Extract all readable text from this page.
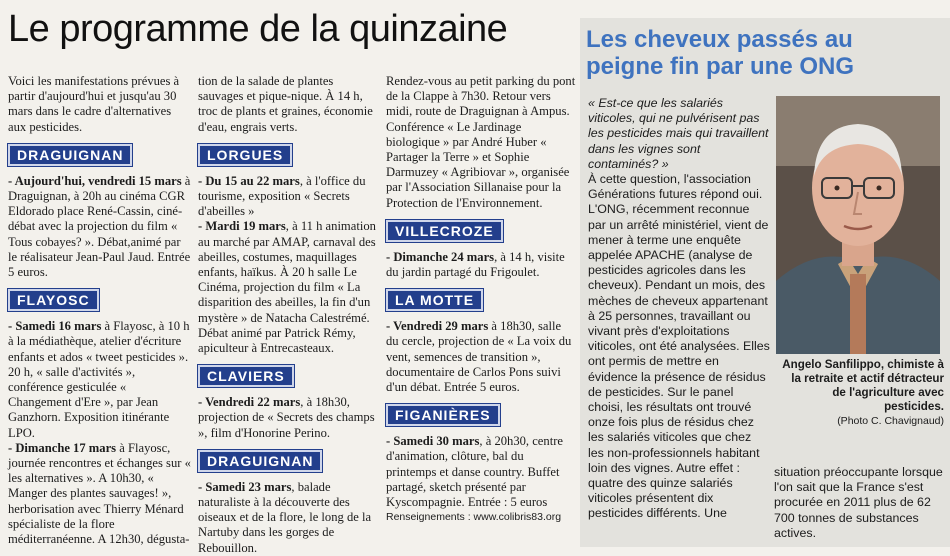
Le programme de la quinzaine

Voici les manifestations prévues à partir d'aujourd'hui et jusqu'au 30 mars dans le cadre d'alternatives aux pesticides.

DRAGUIGNAN

- Aujourd'hui, vendredi 15 mars à Draguignan, à 20h au cinéma CGR Eldorado place René-Cassin, ciné-débat avec la projection du film « Tous cobayes? ». Débat,animé par le réalisateur Jean-Paul Jaud. Entrée 5 euros.

FLAYOSC

- Samedi 16 mars à Flayosc, à 10 h à la médiathèque, atelier d'écriture enfants et ados « tweet pesticides ». 20 h, « salle d'activités », conférence gesticulée « Changement d'Ere », par Jean Ganzhorn. Exposition itinérante LPO.

- Dimanche 17 mars à Flayosc, journée rencontres et échanges sur « les alternatives ». A 10h30, « Manger des plantes sauvages! », herborisation avec Thierry Ménard spécialiste de la flore méditerranéenne. A 12h30, dégusta-

tion de la salade de plantes sauvages et pique-nique. À 14 h, troc de plants et graines, économie d'eau, engrais verts.

LORGUES

- Du 15 au 22 mars, à l'office du tourisme, exposition « Secrets d'abeilles »

- Mardi 19 mars, à 11 h animation au marché par AMAP, carnaval des abeilles, costumes, maquillages enfants, haïkus. À 20 h salle Le Cinéma, projection du film « La disparition des abeilles, la fin d'un mystère » de Natacha Calestrémé. Débat animé par Patrick Rémy, apiculteur à Entrecasteaux.

CLAVIERS

- Vendredi 22 mars, à 18h30, projection de « Secrets des champs », film d'Honorine Perino.

DRAGUIGNAN

- Samedi 23 mars, balade naturaliste à la découverte des oiseaux et de la flore, le long de la Nartuby dans les gorges de Rebouillon.

Rendez-vous au petit parking du pont de la Clappe à 7h30. Retour vers midi, route de Draguignan à Ampus. Conférence « Le Jardinage biologique » par André Huber « Partager la Terre » et Sophie Darmuzey « Agribiovar », organisée par l'Association Sillanaise pour la Protection de l'Environnement.

VILLECROZE

- Dimanche 24 mars, à 14 h, visite du jardin partagé du Frigoulet.

LA MOTTE

- Vendredi 29 mars à 18h30, salle du cercle, projection de « La voix du vent, semences de transition », documentaire de Carlos Pons suivi d'un débat. Entrée 5 euros.

FIGANIÈRES

- Samedi 30 mars, à 20h30, centre d'animation, clôture, bal du printemps et danse country. Buffet partagé, sketch présenté par Kyscompagnie. Entrée : 5 euros

Renseignements : www.colibris83.org

Les cheveux passés au peigne fin par une ONG

« Est-ce que les salariés viticoles, qui ne pulvérisent pas les pesticides mais qui travaillent dans les vignes sont contaminés? »

À cette question, l'association Générations futures répond oui. L'ONG, récemment reconnue par un arrêté ministériel, vient de mener à terme une enquête appelée APACHE (analyse de pesticides agricoles dans les cheveux). Pendant un mois, des mèches de cheveux appartenant à 25 personnes, travaillant ou vivant près d'exploitations viticoles, ont été analysées. Elles ont permis de mettre en évidence la présence de résidus de pesticides. Sur le panel choisi, les résultats ont trouvé onze fois plus de résidus chez les salariés viticoles que chez les non-professionnels habitant loin des vignes. Autre effet : quatre des quinze salariés viticoles présentent dix pesticides différents. Une

Angelo Sanfilippo, chimiste à la retraite et actif détracteur de l'agriculture avec pesticides.
(Photo C. Chavignaud)
situation préoccupante lorsque l'on sait que la France s'est procurée en 2011 plus de 62 700 tonnes de substances actives.
